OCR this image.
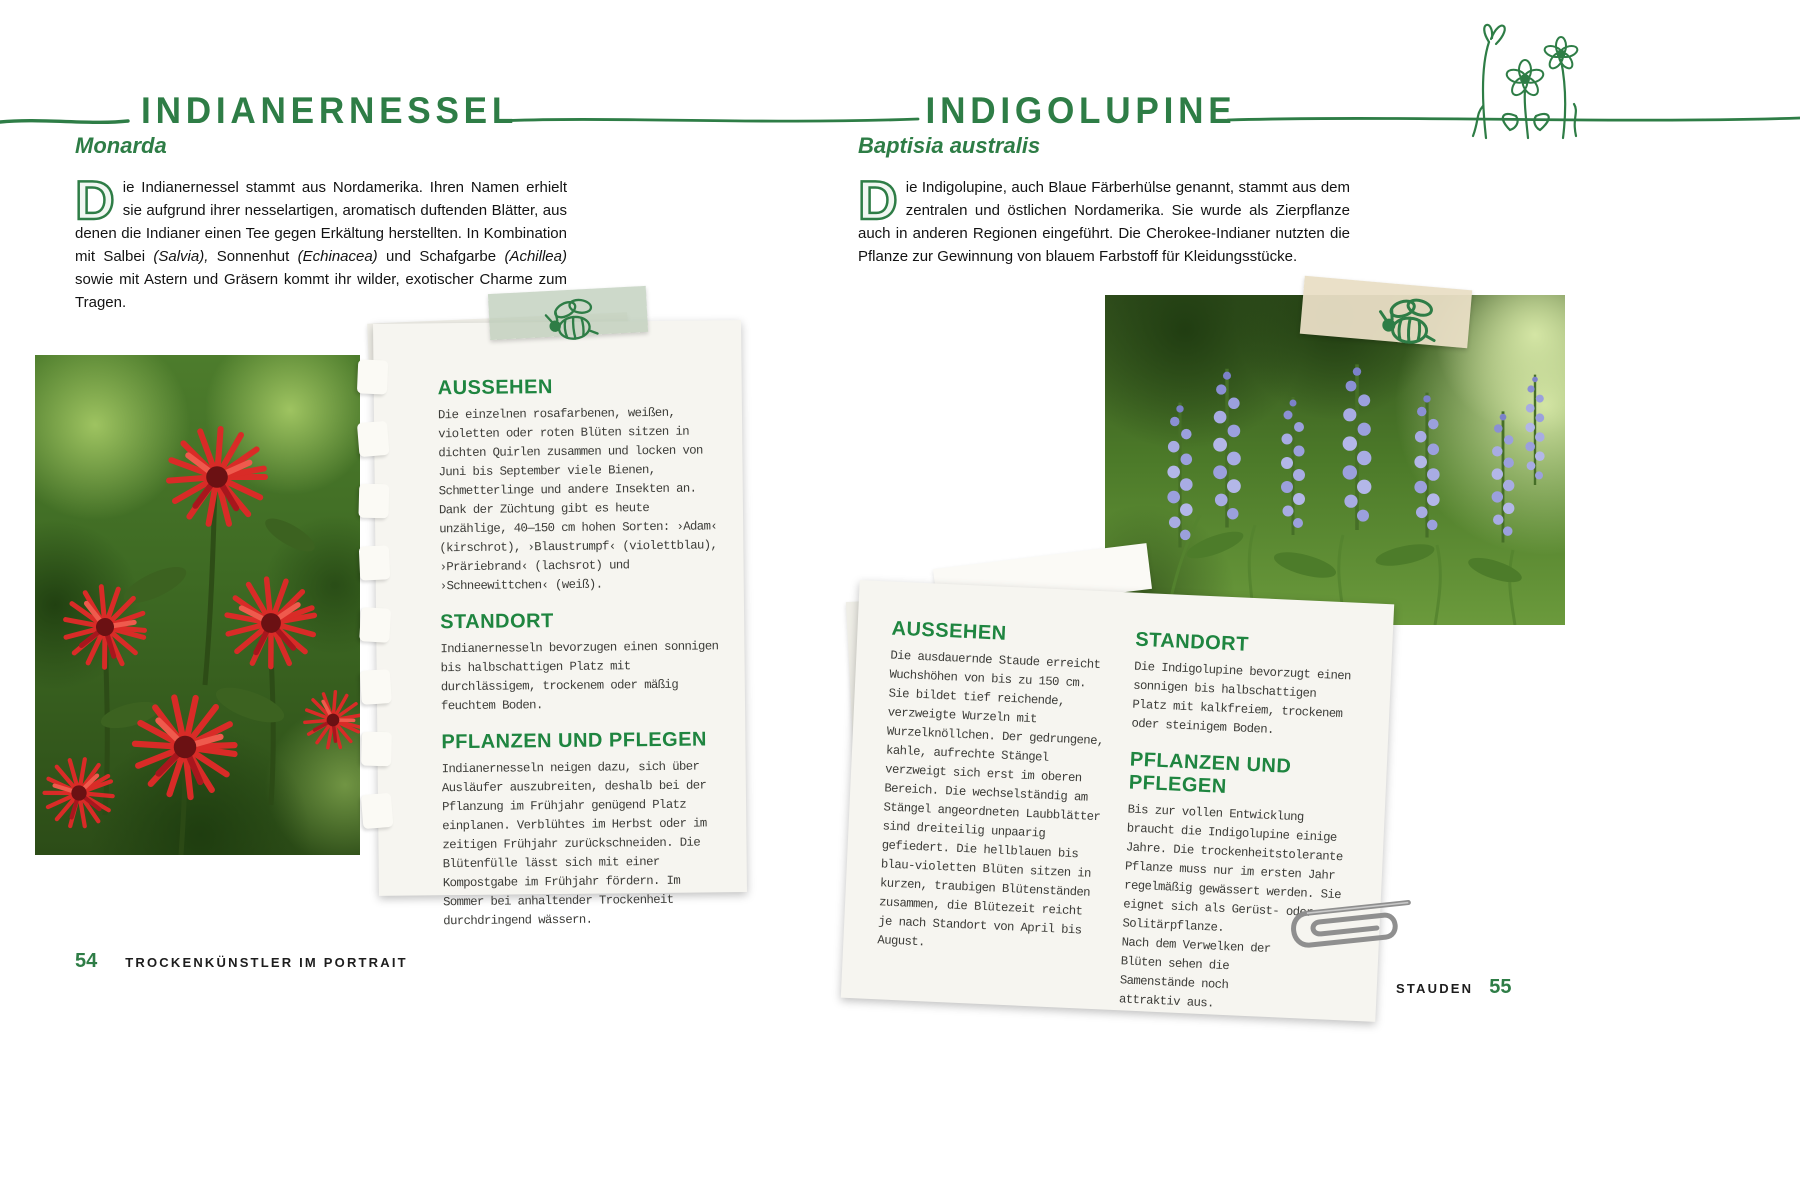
INDIANERNESSEL
Monarda

Die Indianernessel stammt aus Nordamerika. Ihren Namen erhielt sie aufgrund ihrer nesselartigen, aromatisch duftenden Blätter, aus denen die Indianer einen Tee gegen Erkältung herstellten. In Kombination mit Salbei (Salvia), Sonnenhut (Echinacea) und Schafgarbe (Achillea) sowie mit Astern und Gräsern kommt ihr wilder, exotischer Charme zum Tragen.

AUSSEHEN
Die einzelnen rosafarbenen, weißen, violetten oder roten Blüten sitzen in dichten Quirlen zusammen und locken von Juni bis September viele Bienen, Schmetterlinge und andere Insekten an. Dank der Züchtung gibt es heute unzählige, 40—150 cm hohen Sorten: ›Adam‹ (kirschrot), ›Blaustrumpf‹ (violettblau), ›Präriebrand‹ (lachsrot) und ›Schneewittchen‹ (weiß).
STANDORT
Indianernesseln bevorzugen einen sonnigen bis halbschattigen Platz mit durchlässigem, trockenem oder mäßig feuchtem Boden.
PFLANZEN UND PFLEGEN
Indianernesseln neigen dazu, sich über Ausläufer auszubreiten, deshalb bei der Pflanzung im Frühjahr genügend Platz einplanen. Verblühtes im Herbst oder im zeitigen Frühjahr zurückschneiden. Die Blütenfülle lässt sich mit einer Kompostgabe im Frühjahr fördern. Im Sommer bei anhaltender Trockenheit durchdringend wässern.
54 TROCKENKÜNSTLER IM PORTRAIT
INDIGOLUPINE
Baptisia australis

Die Indigolupine, auch Blaue Färberhülse genannt, stammt aus dem zentralen und östlichen Nordamerika. Sie wurde als Zierpflanze auch in anderen Regionen eingeführt. Die Cherokee-Indianer nutzten die Pflanze zur Gewinnung von blauem Farbstoff für Kleidungsstücke.

AUSSEHEN
Die ausdauernde Staude erreicht Wuchshöhen von bis zu 150 cm. Sie bildet tief reichende, verzweigte Wurzeln mit Wurzelknöllchen. Der gedrungene, kahle, aufrechte Stängel verzweigt sich erst im oberen Bereich. Die wechselständig am Stängel angeordneten Laubblätter sind dreiteilig unpaarig gefiedert. Die hellblauen bis blau-violetten Blüten sitzen in kurzen, traubigen Blütenständen zusammen, die Blütezeit reicht je nach Standort von April bis August.
STANDORT
Die Indigolupine bevorzugt einen sonnigen bis halbschattigen Platz mit kalkfreiem, trockenem oder steinigem Boden.
PFLANZEN UND PFLEGEN
Bis zur vollen Entwicklung braucht die Indigolupine einige Jahre. Die trockenheitstolerante Pflanze muss nur im ersten Jahr regelmäßig gewässert werden. Sie eignet sich als Gerüst- oder Solitärpflanze.
Nach dem Verwelken der Blüten sehen die Samenstände noch attraktiv aus.
STAUDEN 55
